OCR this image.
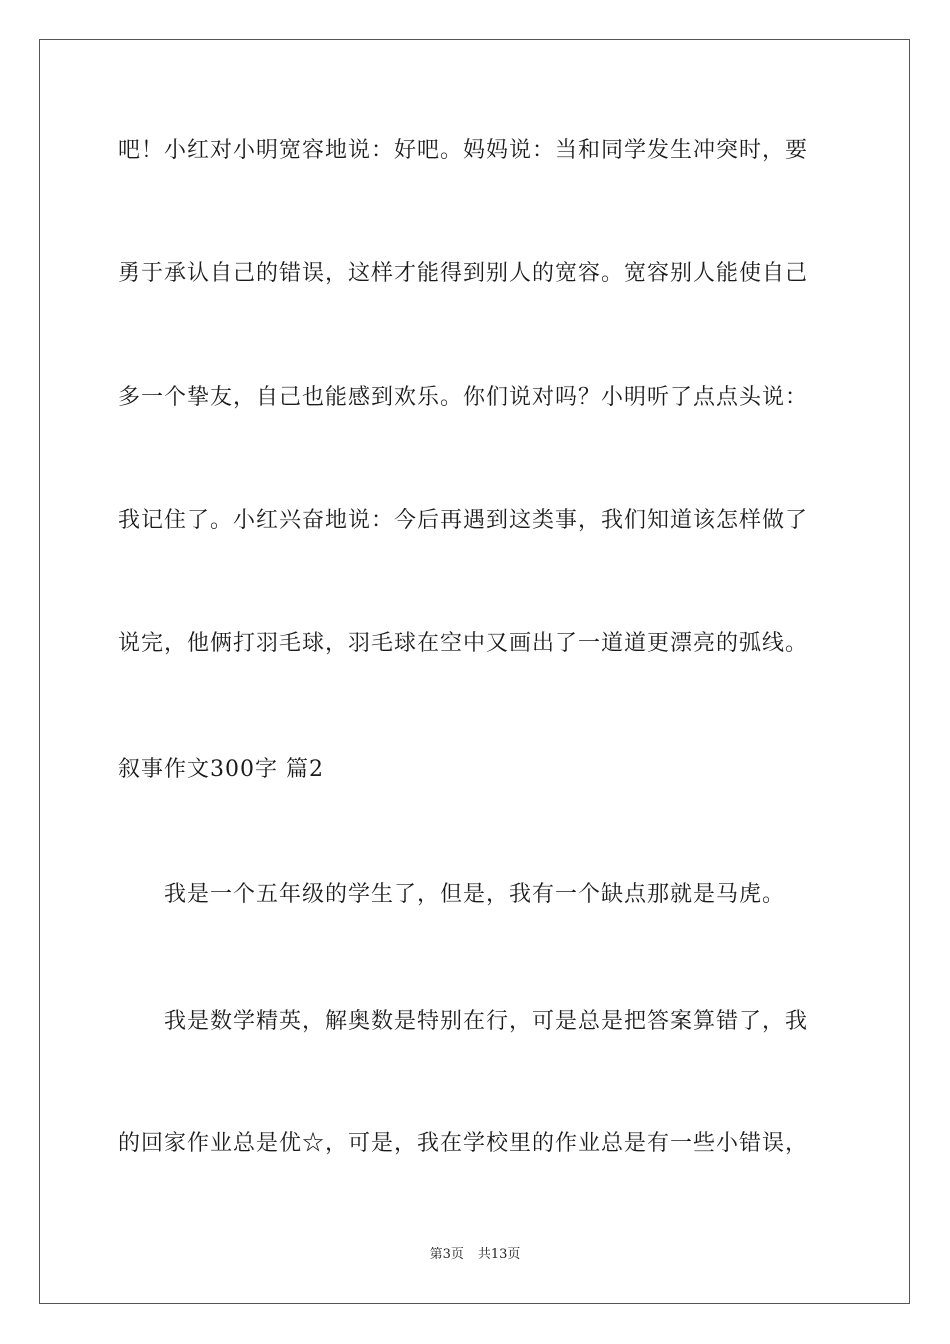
吧！小红对小明宽容地说：好吧。妈妈说：当和同学发生冲突时，要
勇于承认自己的错误，这样才能得到别人的宽容。宽容别人能使自己
多一个挚友，自己也能感到欢乐。你们说对吗？小明听了点点头说：
我记住了。小红兴奋地说：今后再遇到这类事，我们知道该怎样做了
说完，他俩打羽毛球，羽毛球在空中又画出了一道道更漂亮的弧线。
叙事作文300字 篇2
我是一个五年级的学生了，但是，我有一个缺点那就是马虎。
我是数学精英，解奥数是特别在行，可是总是把答案算错了，我
的回家作业总是优☆，可是，我在学校里的作业总是有一些小错误，
第3页 共13页
